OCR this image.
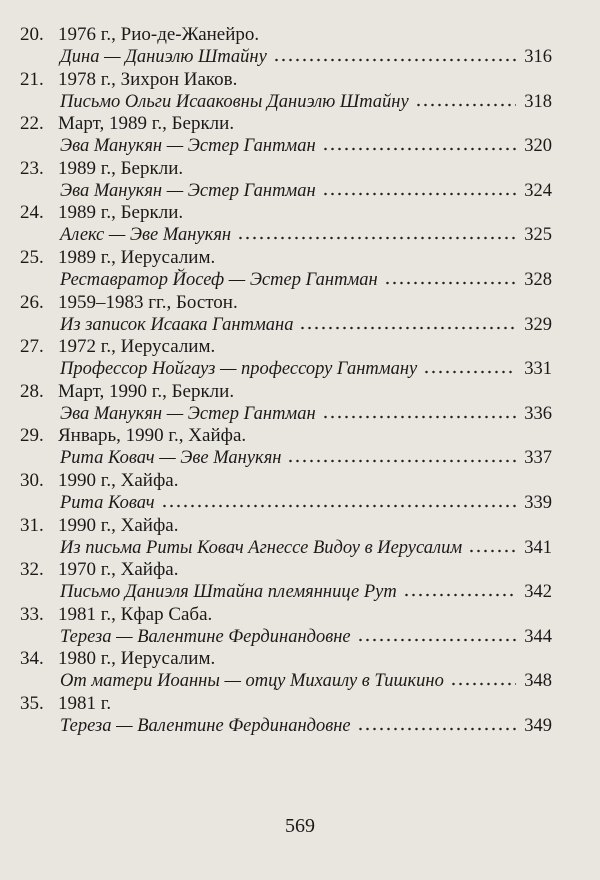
20. 1976 г., Рио-де-Жанейро.
Дина — Даниэлю Штайну	316
21. 1978 г., Зихрон Иаков.
Письмо Ольги Исааковны Даниэлю Штайну	318
22. Март, 1989 г., Беркли.
Эва Манукян — Эстер Гантман	320
23. 1989 г., Беркли.
Эва Манукян — Эстер Гантман	324
24. 1989 г., Беркли.
Алекс — Эве Манукян	325
25. 1989 г., Иерусалим.
Реставратор Йосеф — Эстер Гантман	328
26. 1959–1983 гг., Бостон.
Из записок Исаака Гантмана	329
27. 1972 г., Иерусалим.
Профессор Нойгауз — профессору Гантману	331
28. Март, 1990 г., Беркли.
Эва Манукян — Эстер Гантман	336
29. Январь, 1990 г., Хайфа.
Рита Ковач — Эве Манукян	337
30. 1990 г., Хайфа.
Рита Ковач	339
31. 1990 г., Хайфа.
Из письма Риты Ковач Агнессе Видоу в Иерусалим	341
32. 1970 г., Хайфа.
Письмо Даниэля Штайна племяннице Рут	342
33. 1981 г., Кфар Саба.
Тереза — Валентине Фердинандовне	344
34. 1980 г., Иерусалим.
От матери Иоанны — отцу Михаилу в Тишкино	348
35. 1981 г.
Тереза — Валентине Фердинандовне	349
569
